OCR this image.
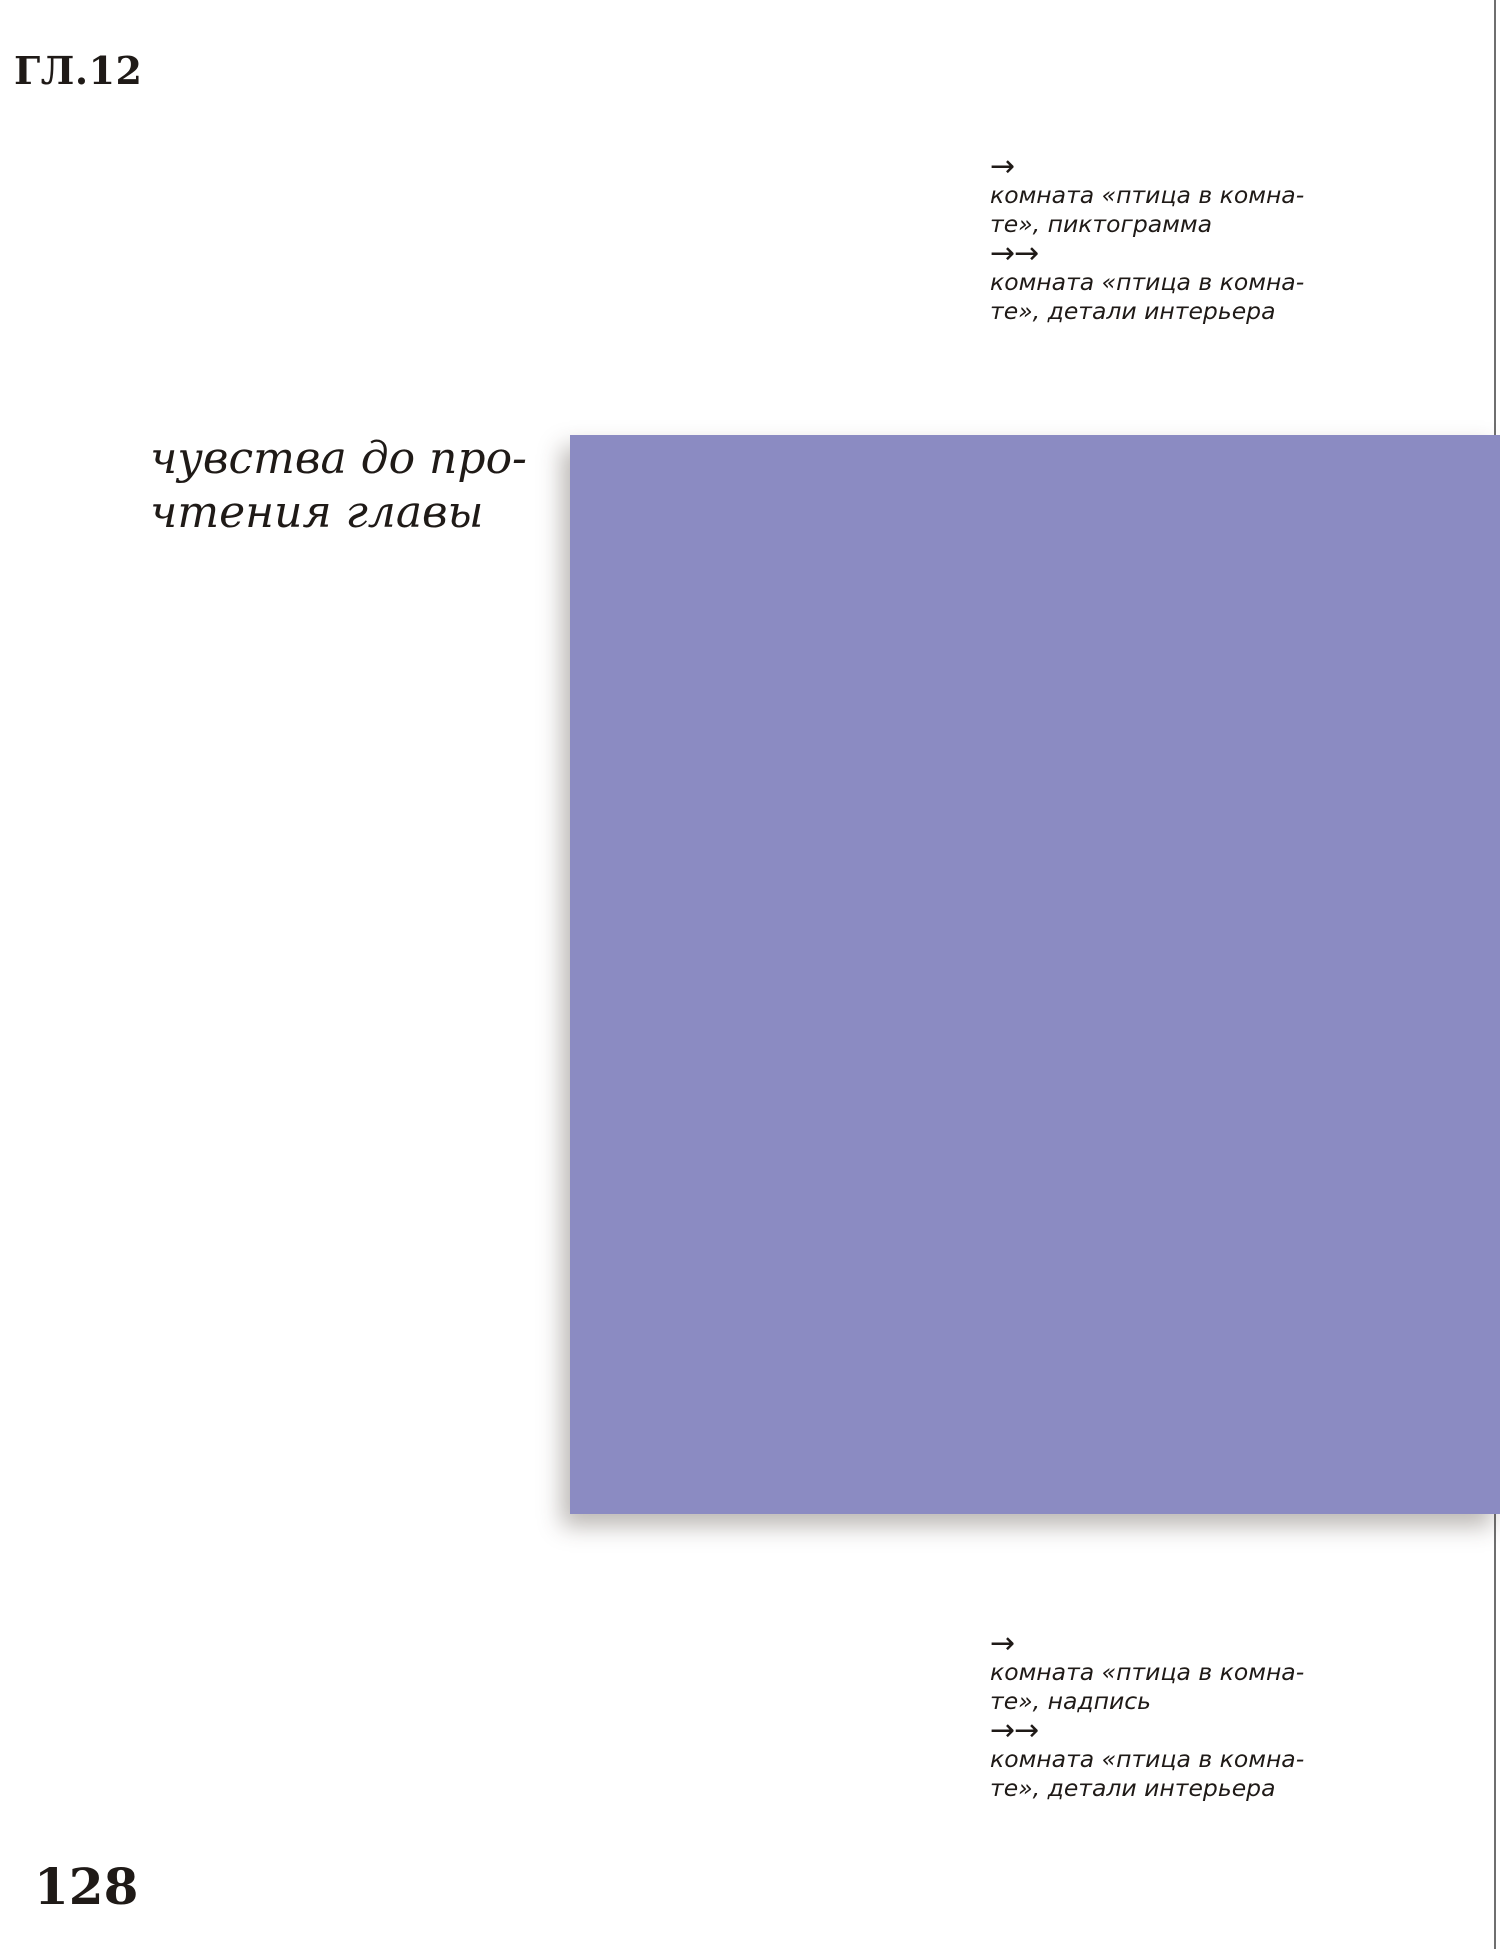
ГЛ.12
→
комната «птица в комна-
те», пиктограмма
→→
комната «птица в комна-
те», детали интерьера
чувства до про-
чтения главы
→
комната «птица в комна-
те», надпись
→→
комната «птица в комна-
те», детали интерьера
128
